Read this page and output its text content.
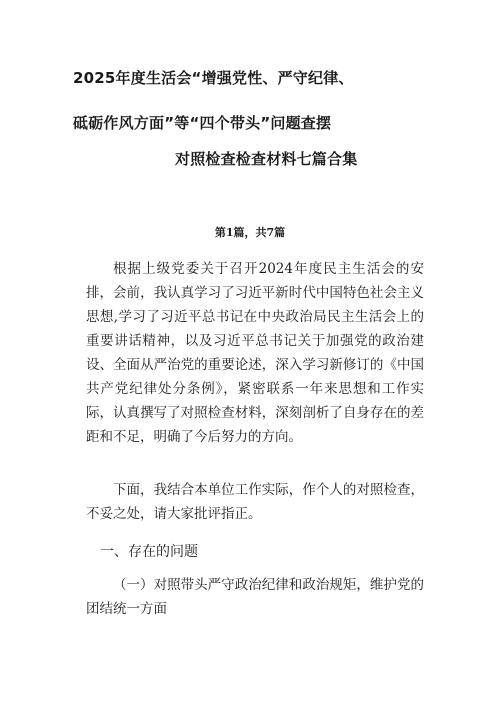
2025年度生活会“增强党性、严守纪律、
砥砺作风方面”等“四个带头”问题查摆
对照检查检查材料七篇合集
第1篇，共7篇
根据上级党委关于召开2024年度民主生活会的安排，会前，我认真学习了习近平新时代中国特色社会主义思想,学习了习近平总书记在中央政治局民主生活会上的重要讲话精神，以及习近平总书记关于加强党的政治建设、全面从严治党的重要论述，深入学习新修订的《中国共产党纪律处分条例》，紧密联系一年来思想和工作实际，认真撰写了对照检查材料，深刻剖析了自身存在的差距和不足，明确了今后努力的方向。
下面，我结合本单位工作实际，作个人的对照检查，不妥之处，请大家批评指正。
一、存在的问题
（一）对照带头严守政治纪律和政治规矩，维护党的团结统一方面
